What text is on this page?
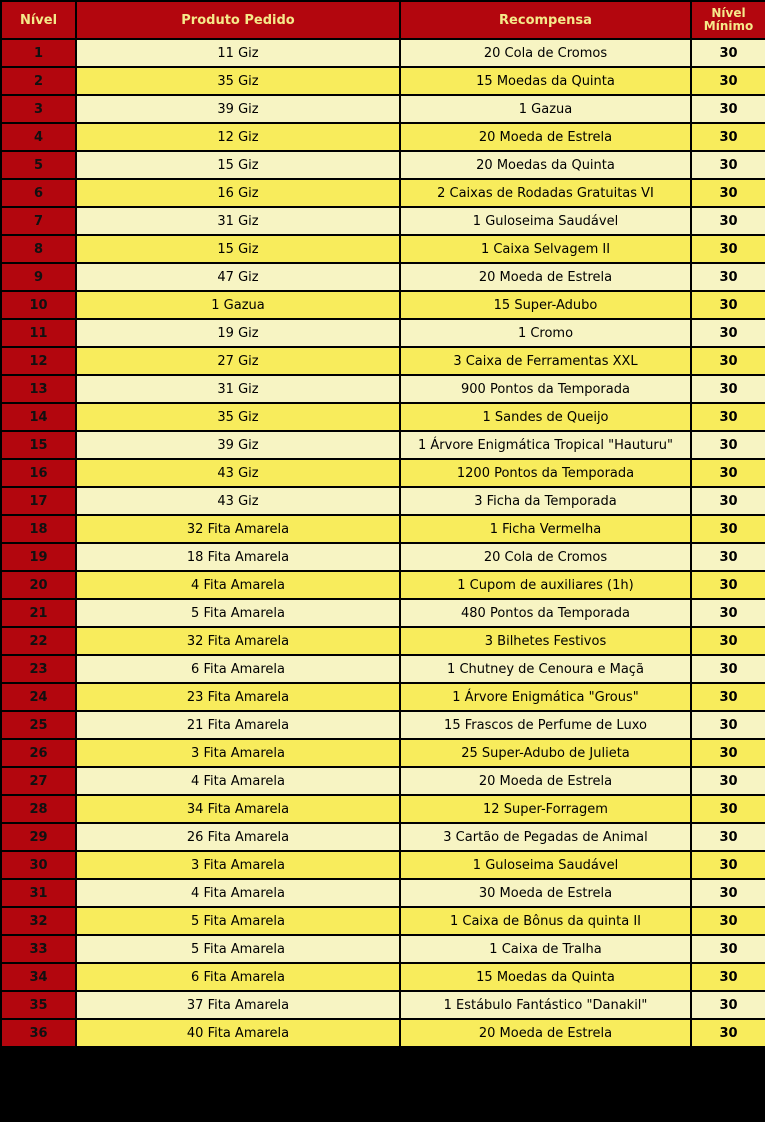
Nível	Produto Pedido	Recompensa	Nível
Mínimo
1	11 Giz	20 Cola de Cromos	30
2	35 Giz	15 Moedas da Quinta	30
3	39 Giz	1 Gazua	30
4	12 Giz	20 Moeda de Estrela	30
5	15 Giz	20 Moedas da Quinta	30
6	16 Giz	2 Caixas de Rodadas Gratuitas VI	30
7	31 Giz	1 Guloseima Saudável	30
8	15 Giz	1 Caixa Selvagem II	30
9	47 Giz	20 Moeda de Estrela	30
10	1 Gazua	15 Super-Adubo	30
11	19 Giz	1 Cromo	30
12	27 Giz	3 Caixa de Ferramentas XXL	30
13	31 Giz	900 Pontos da Temporada	30
14	35 Giz	1 Sandes de Queijo	30
15	39 Giz	1 Árvore Enigmática Tropical "Hauturu"	30
16	43 Giz	1200 Pontos da Temporada	30
17	43 Giz	3 Ficha da Temporada	30
18	32 Fita Amarela	1 Ficha Vermelha	30
19	18 Fita Amarela	20 Cola de Cromos	30
20	4 Fita Amarela	1 Cupom de auxiliares (1h)	30
21	5 Fita Amarela	480 Pontos da Temporada	30
22	32 Fita Amarela	3 Bilhetes Festivos	30
23	6 Fita Amarela	1 Chutney de Cenoura e Maçã	30
24	23 Fita Amarela	1 Árvore Enigmática "Grous"	30
25	21 Fita Amarela	15 Frascos de Perfume de Luxo	30
26	3 Fita Amarela	25 Super-Adubo de Julieta	30
27	4 Fita Amarela	20 Moeda de Estrela	30
28	34 Fita Amarela	12 Super-Forragem	30
29	26 Fita Amarela	3 Cartão de Pegadas de Animal	30
30	3 Fita Amarela	1 Guloseima Saudável	30
31	4 Fita Amarela	30 Moeda de Estrela	30
32	5 Fita Amarela	1 Caixa de Bônus da quinta II	30
33	5 Fita Amarela	1 Caixa de Tralha	30
34	6 Fita Amarela	15 Moedas da Quinta	30
35	37 Fita Amarela	1 Estábulo Fantástico "Danakil"	30
36	40 Fita Amarela	20 Moeda de Estrela	30
